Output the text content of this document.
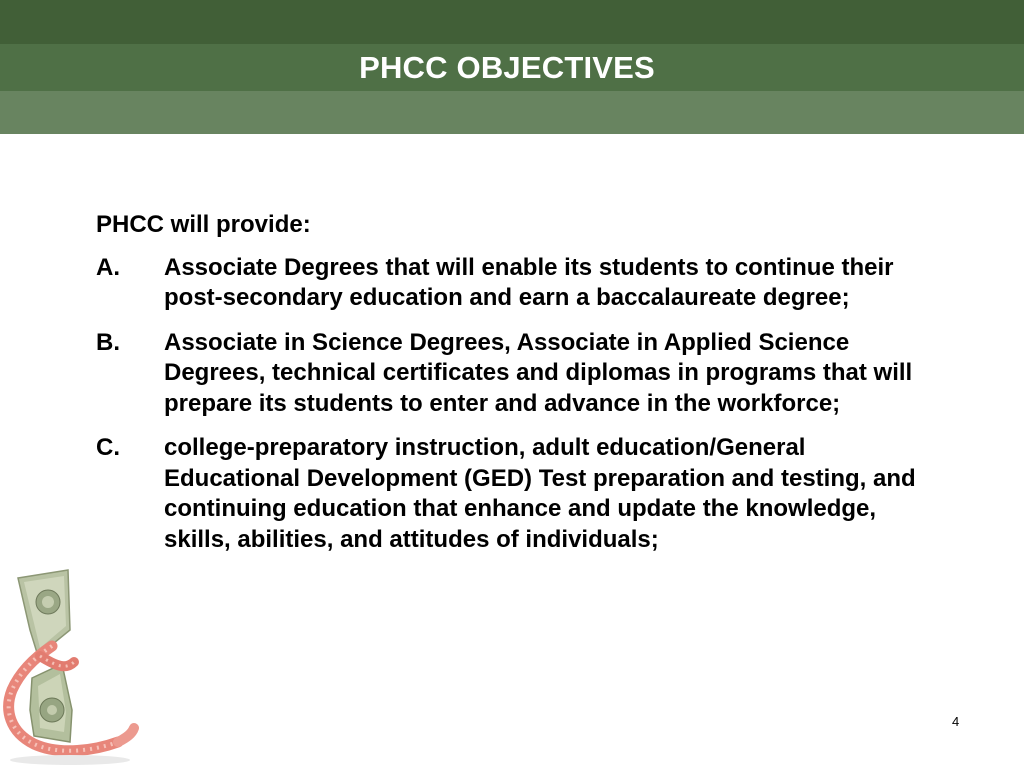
PHCC OBJECTIVES
PHCC will provide:
A. Associate Degrees that will enable its students to continue their post-secondary education and earn a baccalaureate degree;
B. Associate in Science Degrees, Associate in Applied Science Degrees, technical certificates and diplomas in programs that will prepare its students to enter and advance in the workforce;
C. college-preparatory instruction, adult education/General Educational Development (GED) Test preparation and testing, and continuing education that enhance and update the knowledge, skills, abilities, and attitudes of individuals;
4
